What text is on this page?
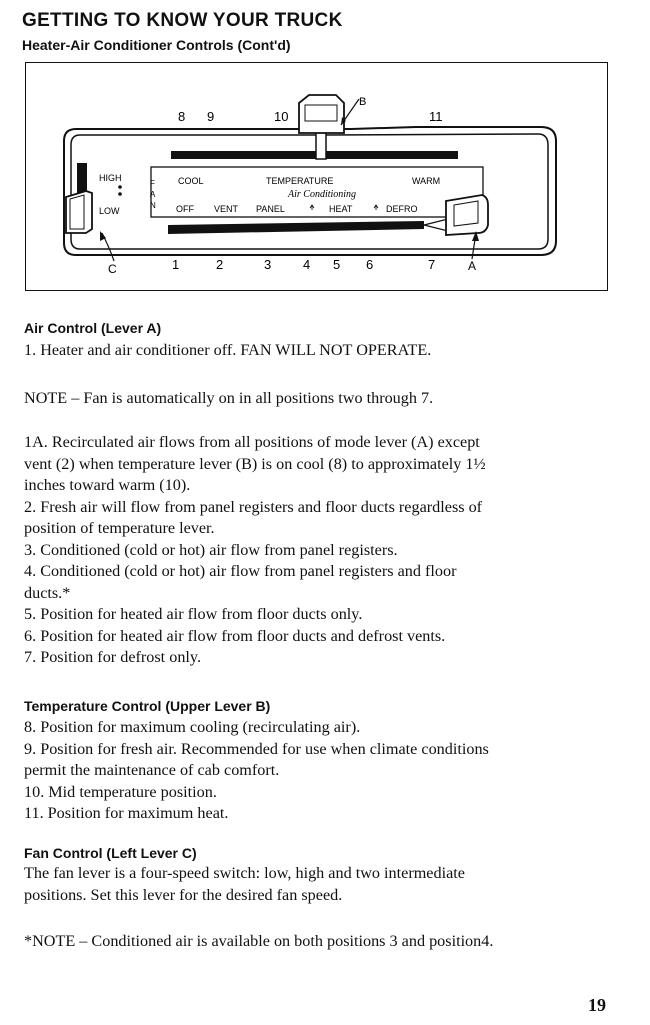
GETTING TO KNOW YOUR TRUCK
Heater-Air Conditioner Controls (Cont'd)
8 9	10	11
1	2	3 4 5 6	7
B
A
C
HIGH
LOW
F
A
N
COOL	TEMPERATURE	WARM
Air Conditioning
OFF VENT PANEL	HEAT	DEFRO
Air Control (Lever A)

1. Heater and air conditioner off. FAN WILL NOT OPERATE.

NOTE – Fan is automatically on in all positions two through 7.

1A. Recirculated air flows from all positions of mode lever (A) except

vent (2) when temperature lever (B) is on cool (8) to approximately 1½

inches toward warm (10).

2. Fresh air will flow from panel registers and floor ducts regardless of

position of temperature lever.

3. Conditioned (cold or hot) air flow from panel registers.

4. Conditioned (cold or hot) air flow from panel registers and floor

ducts.*

5. Position for heated air flow from floor ducts only.

6. Position for heated air flow from floor ducts and defrost vents.

7. Position for defrost only.

Temperature Control (Upper Lever B)

8. Position for maximum cooling (recirculating air).

9. Position for fresh air. Recommended for use when climate conditions

permit the maintenance of cab comfort.

10. Mid temperature position.

11. Position for maximum heat.

Fan Control (Left Lever C)

The fan lever is a four-speed switch: low, high and two intermediate

positions. Set this lever for the desired fan speed.

*NOTE – Conditioned air is available on both positions 3 and position4.

19
